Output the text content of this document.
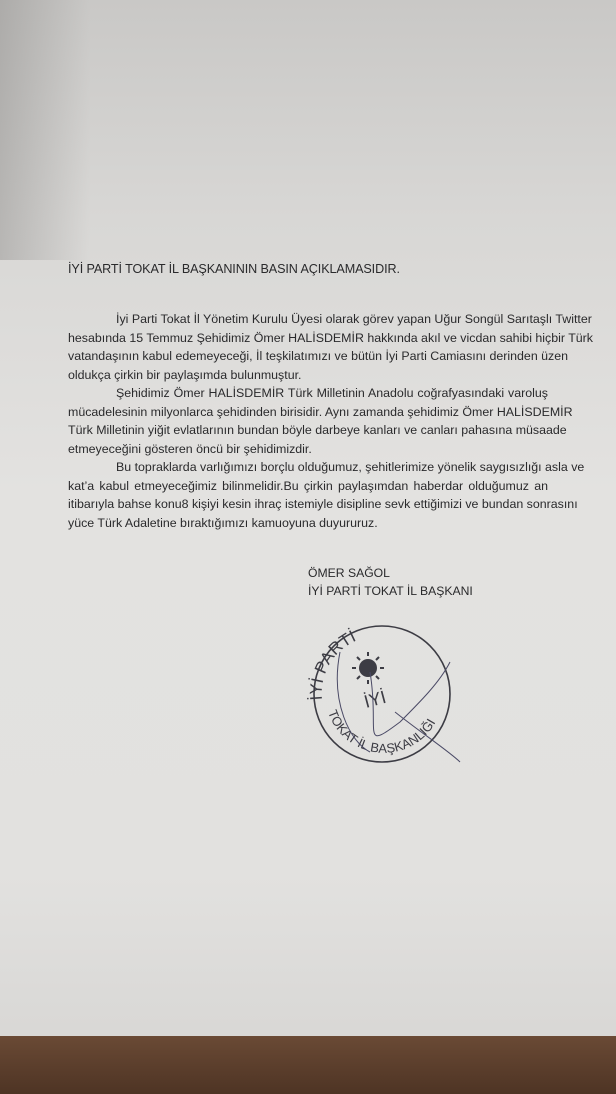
İYİ PARTİ TOKAT İL BAŞKANININ BASIN AÇIKLAMASIDIR.
İyi Parti Tokat İl Yönetim Kurulu Üyesi olarak görev yapan Uğur Songül Sarıtaşlı Twitter
hesabında 15 Temmuz Şehidimiz Ömer HALİSDEMİR hakkında akıl ve vicdan sahibi hiçbir Türk
vatandaşının kabul edemeyeceği, İl teşkilatımızı ve bütün İyi Parti Camiasını derinden üzen
oldukça çirkin bir paylaşımda bulunmuştur.
Şehidimiz Ömer HALİSDEMİR Türk Milletinin Anadolu coğrafyasındaki varoluş
mücadelesinin milyonlarca şehidinden birisidir. Aynı zamanda şehidimiz Ömer HALİSDEMİR
Türk Milletinin yiğit evlatlarının bundan böyle darbeye kanları ve canları pahasına müsaade
etmeyeceğini gösteren öncü bir şehidimizdir.
Bu topraklarda varlığımızı borçlu olduğumuz, şehitlerimize yönelik saygısızlığı asla ve
kat’a kabul etmeyeceğimiz bilinmelidir.Bu çirkin paylaşımdan haberdar olduğumuz an
itibarıyla bahse konu8 kişiyi kesin ihraç istemiyle disipline sevk ettiğimizi ve bundan sonrasını
yüce Türk Adaletine bıraktığımızı kamuoyuna duyururuz.
ÖMER SAĞOL
İYİ PARTİ TOKAT İL BAŞKANI
İYİ PARTİ
TOKAT İL BAŞKANLIĞI
İYİ
